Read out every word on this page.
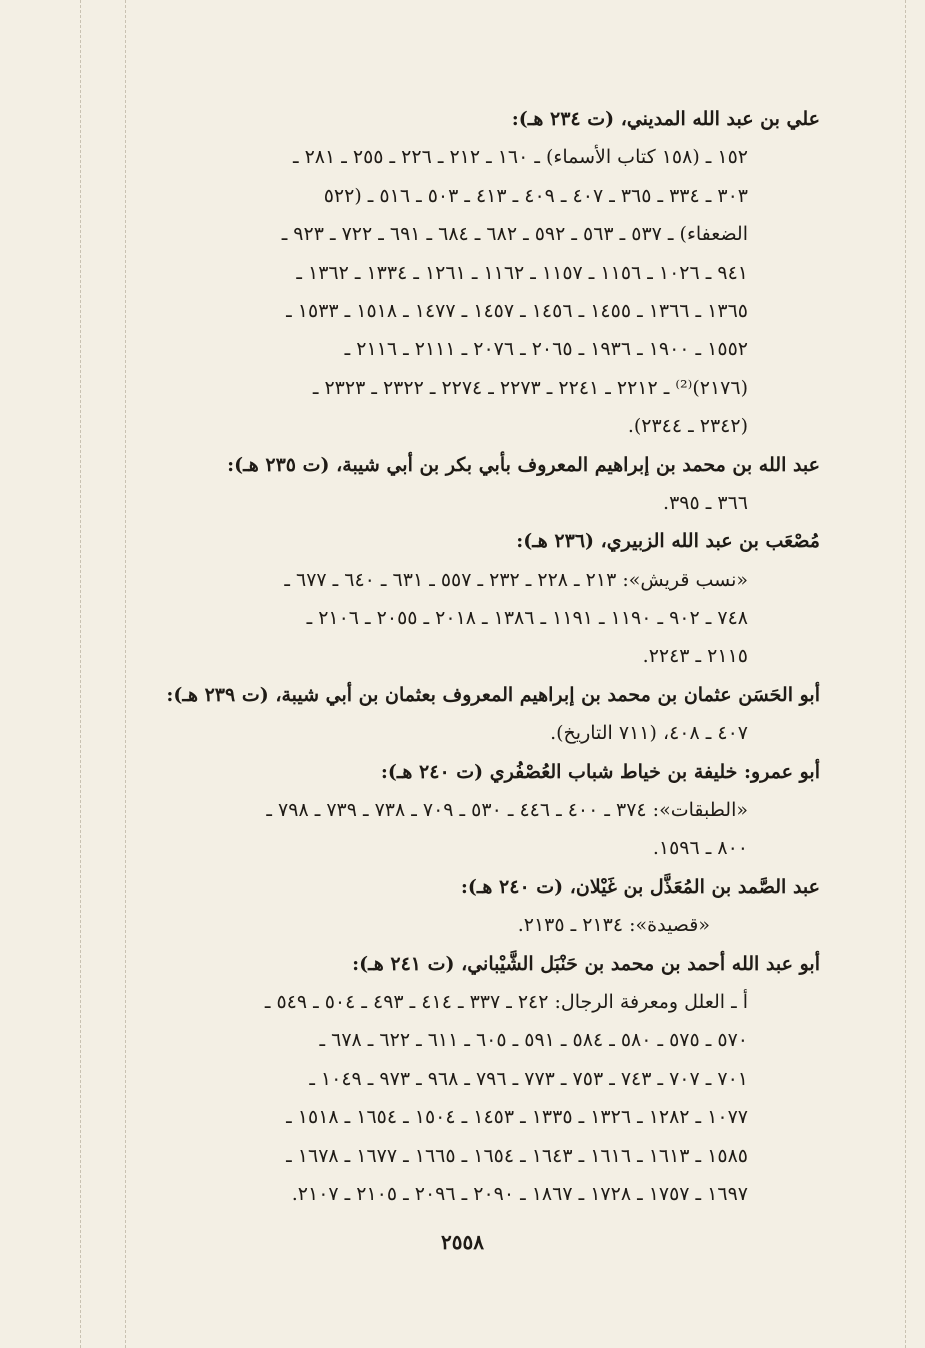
علي بن عبد الله المديني، (ت ٢٣٤ هـ):
١٥٢ ـ (١٥٨ كتاب الأسماء) ـ ١٦٠ ـ ٢١٢ ـ ٢٢٦ ـ ٢٥٥ ـ ٢٨١ ـ
٣٠٣ ـ ٣٣٤ ـ ٣٦٥ ـ ٤٠٧ ـ ٤٠٩ ـ ٤١٣ ـ ٥٠٣ ـ ٥١٦ ـ (٥٢٢
الضعفاء) ـ ٥٣٧ ـ ٥٦٣ ـ ٥٩٢ ـ ٦٨٢ ـ ٦٨٤ ـ ٦٩١ ـ ٧٢٢ ـ ٩٢٣ ـ
٩٤١ ـ ١٠٢٦ ـ ١١٥٦ ـ ١١٥٧ ـ ١١٦٢ ـ ١٢٦١ ـ ١٣٣٤ ـ ١٣٦٢ ـ
١٣٦٥ ـ ١٣٦٦ ـ ١٤٥٥ ـ ١٤٥٦ ـ ١٤٥٧ ـ ١٤٧٧ ـ ١٥١٨ ـ ١٥٣٣ ـ
١٥٥٢ ـ ١٩٠٠ ـ ١٩٣٦ ـ ٢٠٦٥ ـ ٢٠٧٦ ـ ٢١١١ ـ ٢١١٦ ـ
(٢١٧٦)⁽²⁾ ـ ٢٢١٢ ـ ٢٢٤١ ـ ٢٢٧٣ ـ ٢٢٧٤ ـ ٢٣٢٢ ـ ٢٣٢٣ ـ
(٢٣٤٢ ـ ٢٣٤٤).
عبد الله بن محمد بن إبراهيم المعروف بأبي بكر بن أبي شيبة، (ت ٢٣٥ هـ):
٣٦٦ ـ ٣٩٥.
مُصْعَب بن عبد الله الزبيري، (٢٣٦ هـ):
«نسب قريش»: ٢١٣ ـ ٢٢٨ ـ ٢٣٢ ـ ٥٥٧ ـ ٦٣١ ـ ٦٤٠ ـ ٦٧٧ ـ
٧٤٨ ـ ٩٠٢ ـ ١١٩٠ ـ ١١٩١ ـ ١٣٨٦ ـ ٢٠١٨ ـ ٢٠٥٥ ـ ٢١٠٦ ـ
٢١١٥ ـ ٢٢٤٣.
أبو الحَسَن عثمان بن محمد بن إبراهيم المعروف بعثمان بن أبي شيبة، (ت ٢٣٩ هـ):
٤٠٧ ـ ٤٠٨، (٧١١ التاريخ).
أبو عمرو: خليفة بن خياط شباب العُصْفُري (ت ٢٤٠ هـ):
«الطبقات»: ٣٧٤ ـ ٤٠٠ ـ ٤٤٦ ـ ٥٣٠ ـ ٧٠٩ ـ ٧٣٨ ـ ٧٣٩ ـ ٧٩٨ ـ
٨٠٠ ـ ١٥٩٦.
عبد الصَّمد بن المُعَذَّل بن غَيْلان، (ت ٢٤٠ هـ):
«قصيدة»: ٢١٣٤ ـ ٢١٣٥.
أبو عبد الله أحمد بن محمد بن حَنْبَل الشَّيْباني، (ت ٢٤١ هـ):
أ ـ العلل ومعرفة الرجال: ٢٤٢ ـ ٣٣٧ ـ ٤١٤ ـ ٤٩٣ ـ ٥٠٤ ـ ٥٤٩ ـ
٥٧٠ ـ ٥٧٥ ـ ٥٨٠ ـ ٥٨٤ ـ ٥٩١ ـ ٦٠٥ ـ ٦١١ ـ ٦٢٢ ـ ٦٧٨ ـ
٧٠١ ـ ٧٠٧ ـ ٧٤٣ ـ ٧٥٣ ـ ٧٧٣ ـ ٧٩٦ ـ ٩٦٨ ـ ٩٧٣ ـ ١٠٤٩ ـ
١٠٧٧ ـ ١٢٨٢ ـ ١٣٢٦ ـ ١٣٣٥ ـ ١٤٥٣ ـ ١٥٠٤ ـ ١٦٥٤ ـ ١٥١٨ ـ
١٥٨٥ ـ ١٦١٣ ـ ١٦١٦ ـ ١٦٤٣ ـ ١٦٥٤ ـ ١٦٦٥ ـ ١٦٧٧ ـ ١٦٧٨ ـ
١٦٩٧ ـ ١٧٥٧ ـ ١٧٢٨ ـ ١٨٦٧ ـ ٢٠٩٠ ـ ٢٠٩٦ ـ ٢١٠٥ ـ ٢١٠٧.
٢٥٥٨
